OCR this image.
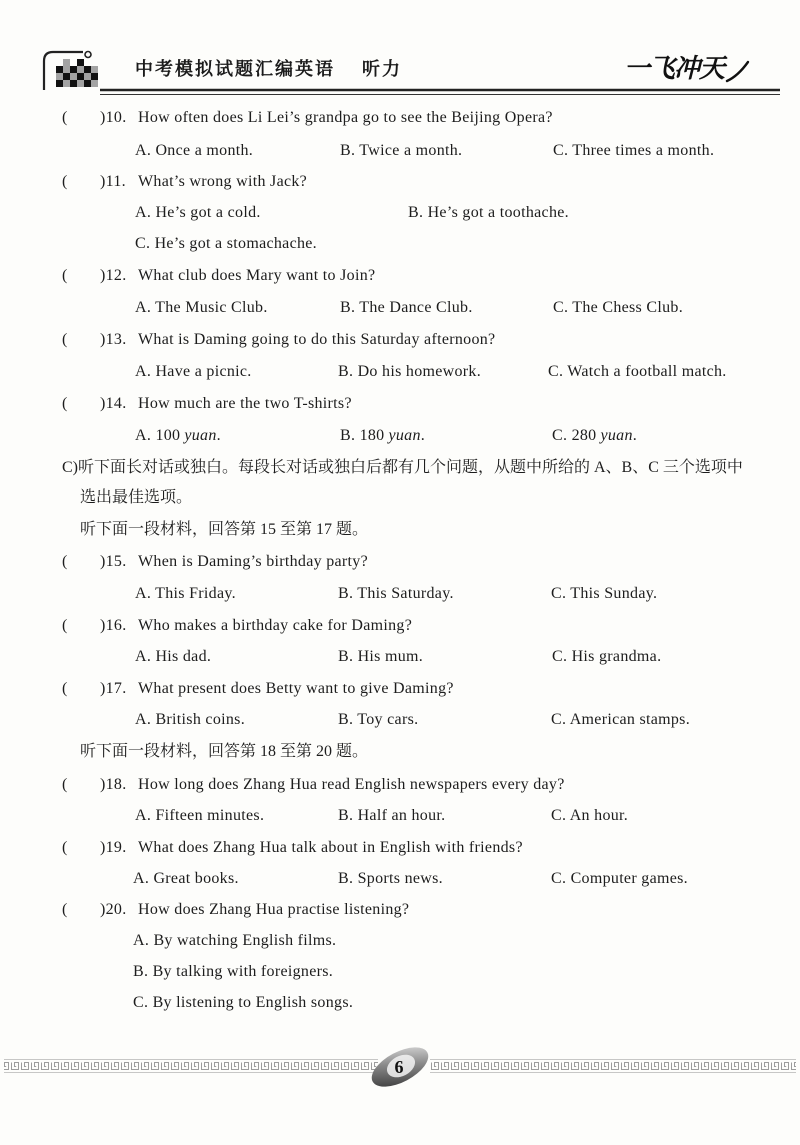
中考模拟试题汇编英语 听力	一飞冲天
( )10. How often does Li Lei’s grandpa go to see the Beijing Opera?
A. Once a month.	B. Twice a month.	C. Three times a month.
( )11. What’s wrong with Jack?
A. He’s got a cold.	B. He’s got a toothache.
C. He’s got a stomachache.
( )12. What club does Mary want to Join?
A. The Music Club.	B. The Dance Club.	C. The Chess Club.
( )13. What is Daming going to do this Saturday afternoon?
A. Have a picnic.	B. Do his homework.	C. Watch a football match.
( )14. How much are the two T-shirts?
A. 100 yuan.	B. 180 yuan.	C. 280 yuan.
C)听下面长对话或独白。每段长对话或独白后都有几个问题，从题中所给的 A、B、C 三个选项中
选出最佳选项。
听下面一段材料，回答第 15 至第 17 题。
( )15. When is Daming’s birthday party?
A. This Friday.	B. This Saturday.	C. This Sunday.
( )16. Who makes a birthday cake for Daming?
A. His dad.	B. His mum.	C. His grandma.
( )17. What present does Betty want to give Daming?
A. British coins.	B. Toy cars.	C. American stamps.
听下面一段材料，回答第 18 至第 20 题。
( )18. How long does Zhang Hua read English newspapers every day?
A. Fifteen minutes.	B. Half an hour.	C. An hour.
( )19. What does Zhang Hua talk about in English with friends?
A. Great books.	B. Sports news.	C. Computer games.
( )20. How does Zhang Hua practise listening?
A. By watching English films.
B. By talking with foreigners.
C. By listening to English songs.
6
